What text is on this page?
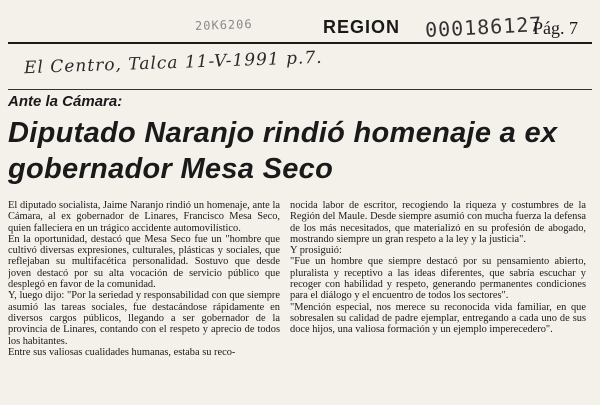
20K6206	REGION 000186127
Pág. 7
El Centro, Talca 11-V-1991 p.7.
Ante la Cámara:
Diputado Naranjo rindió homenaje a ex gobernador Mesa Seco

El diputado socialista, Jaime Naranjo rindió un homenaje, ante la Cámara, al ex gobernador de Linares, Francisco Mesa Seco, quien falleciera en un trágico accidente automovilístico.

En la oportunidad, destacó que Mesa Seco fue un "hombre que cultivó diversas expresiones, culturales, plásticas y sociales, que reflejaban su multifacética personalidad. Sostuvo que desde joven destacó por su alta vocación de servicio público que desplegó en favor de la comunidad.

Y, luego dijo: "Por la seriedad y responsabilidad con que siempre asumió las tareas sociales, fue destacándose rápidamente en diversos cargos públicos, llegando a ser gobernador de la provincia de Linares, contando con el respeto y aprecio de todos los habitantes.

Entre sus valiosas cualidades humanas, estaba su reco-

nocida labor de escritor, recogiendo la riqueza y costumbres de la Región del Maule. Desde siempre asumió con mucha fuerza la defensa de los más necesitados, que materializó en su profesión de abogado, mostrando siempre un gran respeto a la ley y la justicia".

Y prosiguió:

"Fue un hombre que siempre destacó por su pensamiento abierto, pluralista y receptivo a las ideas diferentes, que sabría escuchar y recoger con habilidad y respeto, generando permanentes condiciones para el diálogo y el encuentro de todos los sectores".

"Mención especial, nos merece su reconocida vida familiar, en que sobresalen su calidad de padre ejemplar, entregando a cada uno de sus doce hijos, una valiosa formación y un ejemplo imperecedero".
